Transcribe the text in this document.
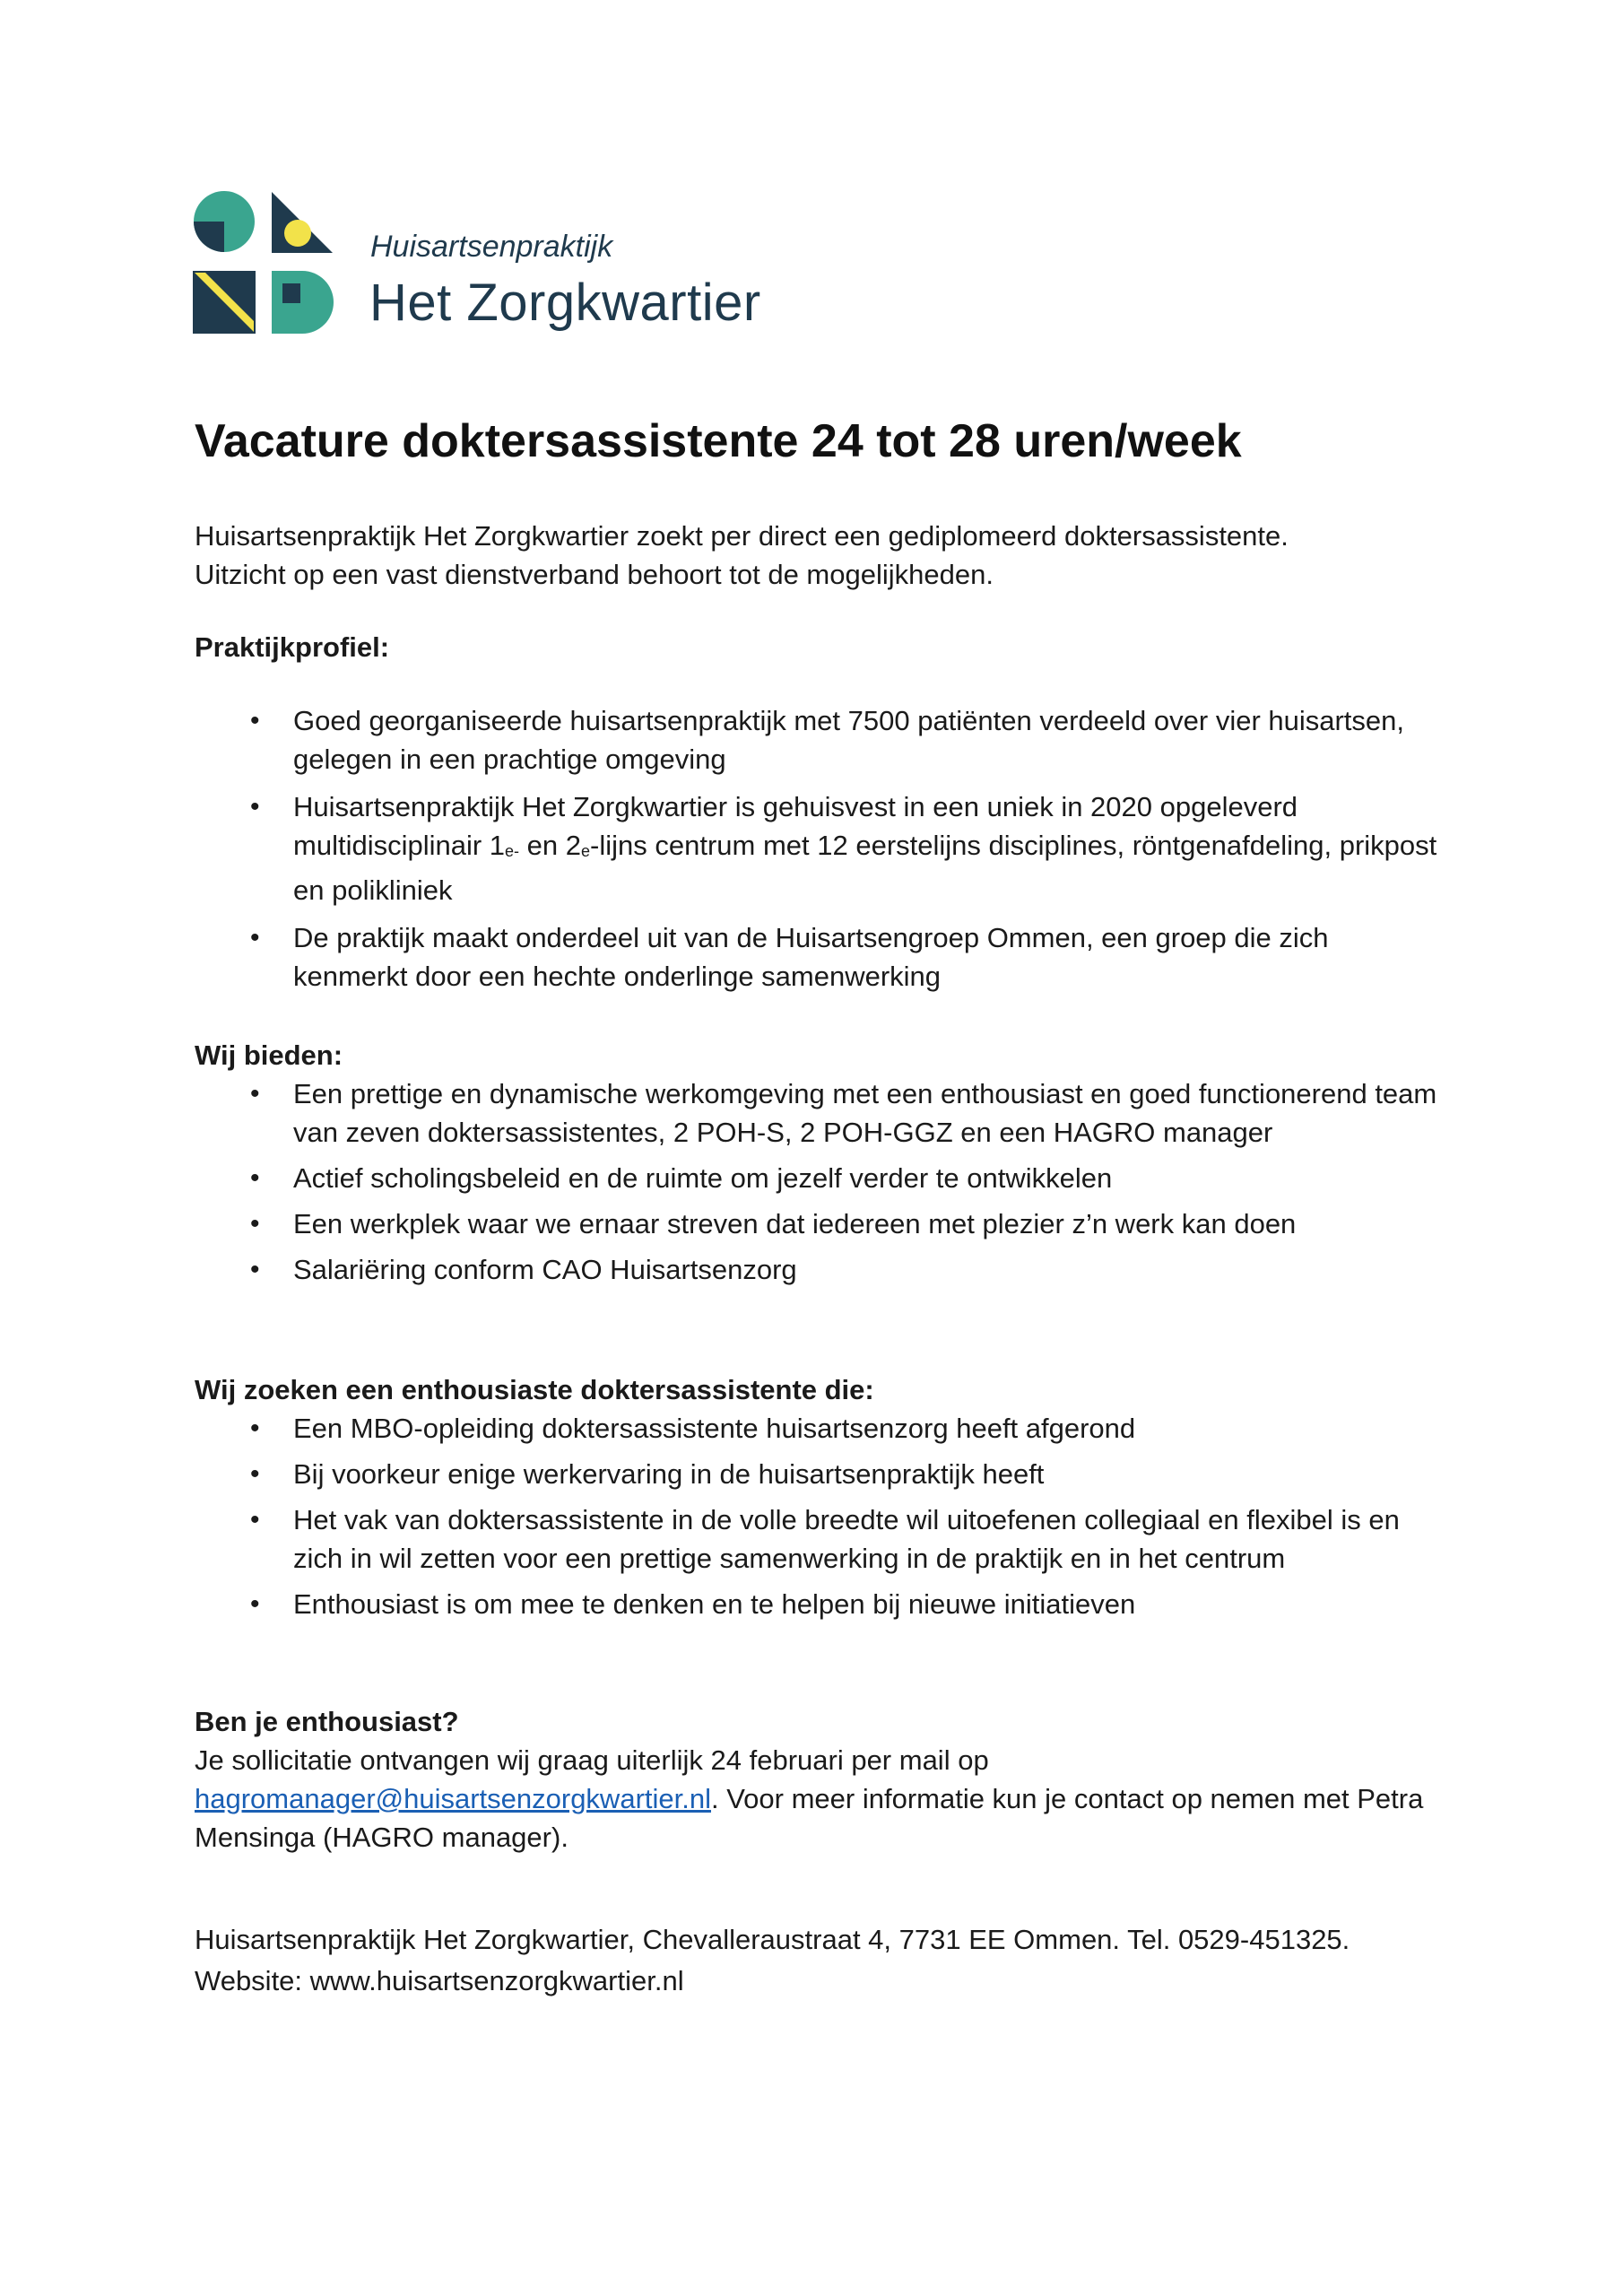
Huisartsenpraktijk
Het Zorgkwartier
Vacature doktersassistente 24 tot 28 uren/week

Huisartsenpraktijk Het Zorgkwartier zoekt per direct een gediplomeerd doktersassistente.

Uitzicht op een vast dienstverband behoort tot de mogelijkheden.

Praktijkprofiel:

• Goed georganiseerde huisartsenpraktijk met 7500 patiënten verdeeld over vier huisartsen, gelegen in een prachtige omgeving
• Huisartsenpraktijk Het Zorgkwartier is gehuisvest in een uniek in 2020 opgeleverd multidisciplinair 1e- en 2e-lijns centrum met 12 eerstelijns disciplines, röntgenafdeling, prikpost en polikliniek
• De praktijk maakt onderdeel uit van de Huisartsengroep Ommen, een groep die zich kenmerkt door een hechte onderlinge samenwerking

Wij bieden:

• Een prettige en dynamische werkomgeving met een enthousiast en goed functionerend team van zeven doktersassistentes, 2 POH-S, 2 POH-GGZ en een HAGRO manager
• Actief scholingsbeleid en de ruimte om jezelf verder te ontwikkelen
• Een werkplek waar we ernaar streven dat iedereen met plezier z’n werk kan doen
• Salariëring conform CAO Huisartsenzorg

Wij zoeken een enthousiaste doktersassistente die:

• Een MBO-opleiding doktersassistente huisartsenzorg heeft afgerond
• Bij voorkeur enige werkervaring in de huisartsenpraktijk heeft
• Het vak van doktersassistente in de volle breedte wil uitoefenen collegiaal en flexibel is en zich in wil zetten voor een prettige samenwerking in de praktijk en in het centrum
• Enthousiast is om mee te denken en te helpen bij nieuwe initiatieven

Ben je enthousiast?

Je sollicitatie ontvangen wij graag uiterlijk 24 februari per mail op
hagromanager@huisartsenzorgkwartier.nl. Voor meer informatie kun je contact op nemen met Petra Mensinga (HAGRO manager).

Huisartsenpraktijk Het Zorgkwartier, Chevalleraustraat 4, 7731 EE Ommen. Tel. 0529-451325.

Website: www.huisartsenzorgkwartier.nl
